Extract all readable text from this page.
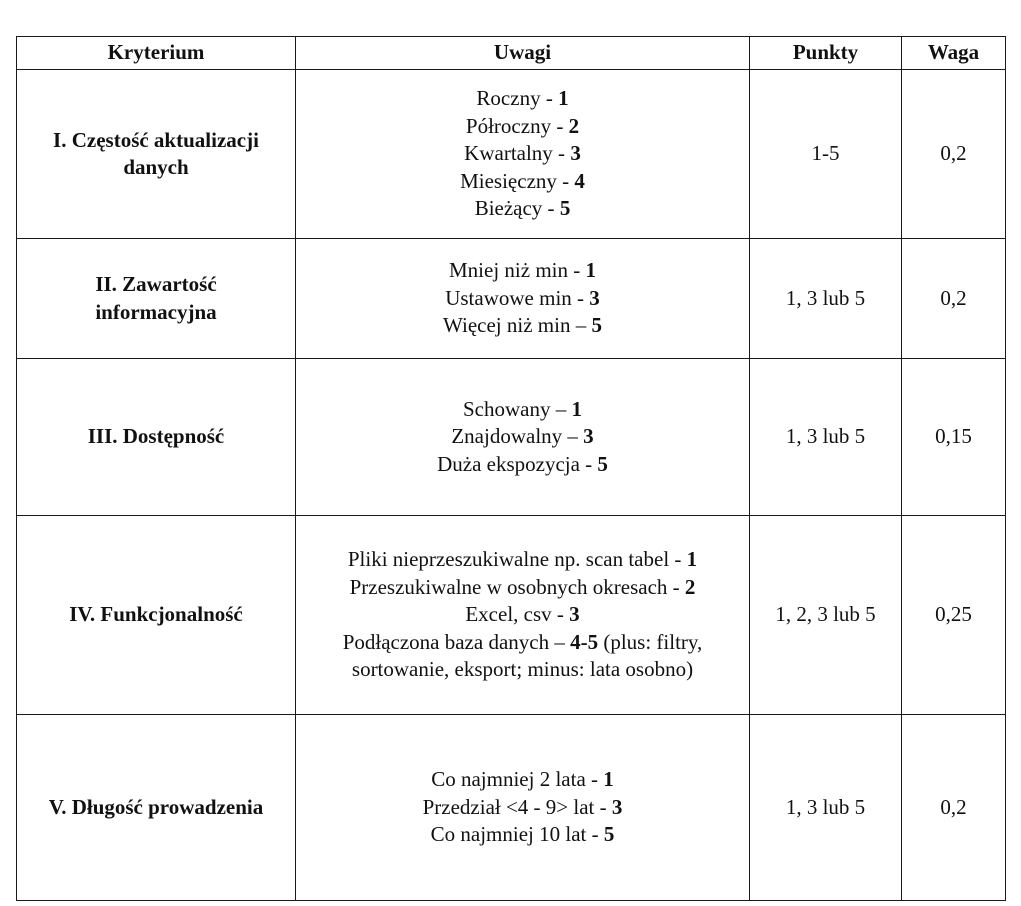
Kryterium	Uwagi	Punkty	Waga
I. Częstość aktualizacji danych	Roczny - 1
Półroczny - 2
Kwartalny - 3
Miesięczny - 4
Bieżący - 5	1-5	0,2
II. Zawartość informacyjna	Mniej niż min - 1
Ustawowe min - 3
Więcej niż min – 5	1, 3 lub 5	0,2
III. Dostępność	Schowany – 1
Znajdowalny – 3
Duża ekspozycja - 5	1, 3 lub 5	0,15
IV. Funkcjonalność	Pliki nieprzeszukiwalne np. scan tabel - 1
Przeszukiwalne w osobnych okresach - 2
Excel, csv - 3
Podłączona baza danych – 4-5 (plus: filtry,
sortowanie, eksport; minus: lata osobno)	1, 2, 3 lub 5	0,25
V. Długość prowadzenia	Co najmniej 2 lata - 1
Przedział <4 - 9> lat - 3
Co najmniej 10 lat - 5	1, 3 lub 5	0,2
